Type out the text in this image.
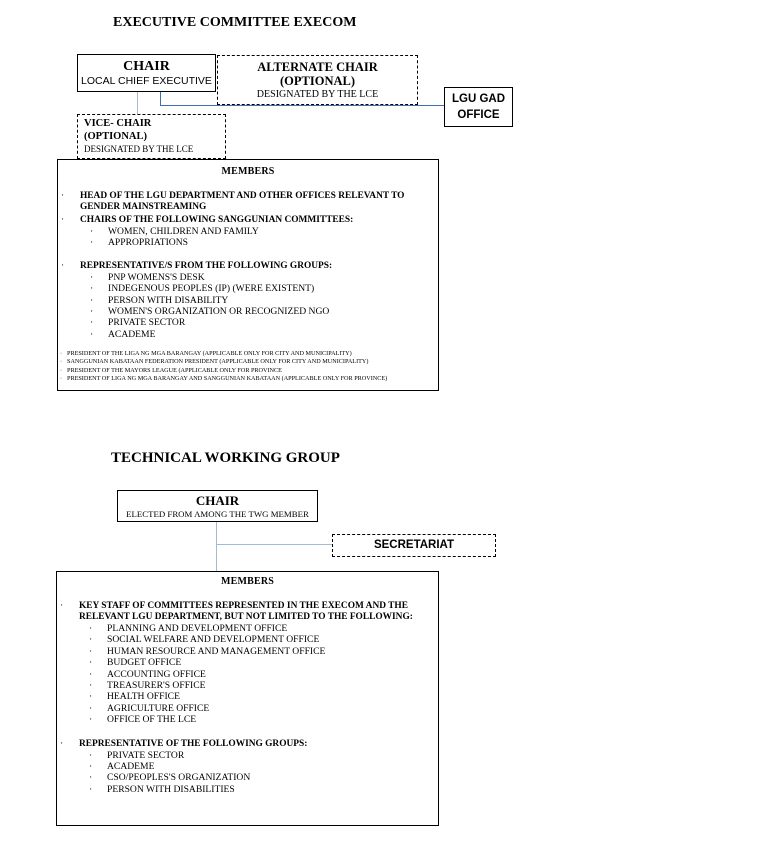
EXECUTIVE COMMITTEE EXECOM
CHAIR
LOCAL CHIEF EXECUTIVE
ALTERNATE CHAIR
(OPTIONAL)
DESIGNATED BY THE LCE	LGU GAD
OFFICE
VICE- CHAIR
(OPTIONAL)
DESIGNATED BY THE LCE
MEMBERS
· HEAD OF THE LGU DEPARTMENT AND OTHER OFFICES RELEVANT TO GENDER MAINSTREAMING
· CHAIRS OF THE FOLLOWING SANGGUNIAN COMMITTEES:
· WOMEN, CHILDREN AND FAMILY
· APPROPRIATIONS
· REPRESENTATIVE/S FROM THE FOLLOWING GROUPS:
· PNP WOMENS'S DESK
· INDEGENOUS PEOPLES (IP) (WERE EXISTENT)
· PERSON WITH DISABILITY
· WOMEN'S ORGANIZATION OR RECOGNIZED NGO
· PRIVATE SECTOR
· ACADEME
· PRESIDENT OF THE LIGA NG MGA BARANGAY (APPLICABLE ONLY FOR CITY AND MUNICIPALITY)
· SANGGUNIAN KABATAAN FEDERATION PRESIDENT (APPLICABLE ONLY FOR CITY AND MUNICIPALITY)
· PRESIDENT OF THE MAYORS LEAGUE (APPLICABLE ONLY FOR PROVINCE
· PRESIDENT OF LIGA NG MGA BARANGAY AND SANGGUNIAN KABATAAN (APPLICABLE ONLY FOR PROVINCE)
TECHNICAL WORKING GROUP
CHAIR
ELECTED FROM AMONG THE TWG MEMBER
SECRETARIAT
MEMBERS
· KEY STAFF OF COMMITTEES REPRESENTED IN THE EXECOM AND THE RELEVANT LGU DEPARTMENT, BUT NOT LIMITED TO THE FOLLOWING:
· PLANNING AND DEVELOPMENT OFFICE
· SOCIAL WELFARE AND DEVELOPMENT OFFICE
· HUMAN RESOURCE AND MANAGEMENT OFFICE
· BUDGET OFFICE
· ACCOUNTING OFFICE
· TREASURER'S OFFICE
· HEALTH OFFICE
· AGRICULTURE OFFICE
· OFFICE OF THE LCE
· REPRESENTATIVE OF THE FOLLOWING GROUPS:
· PRIVATE SECTOR
· ACADEME
· CSO/PEOPLES'S ORGANIZATION
· PERSON WITH DISABILITIES
